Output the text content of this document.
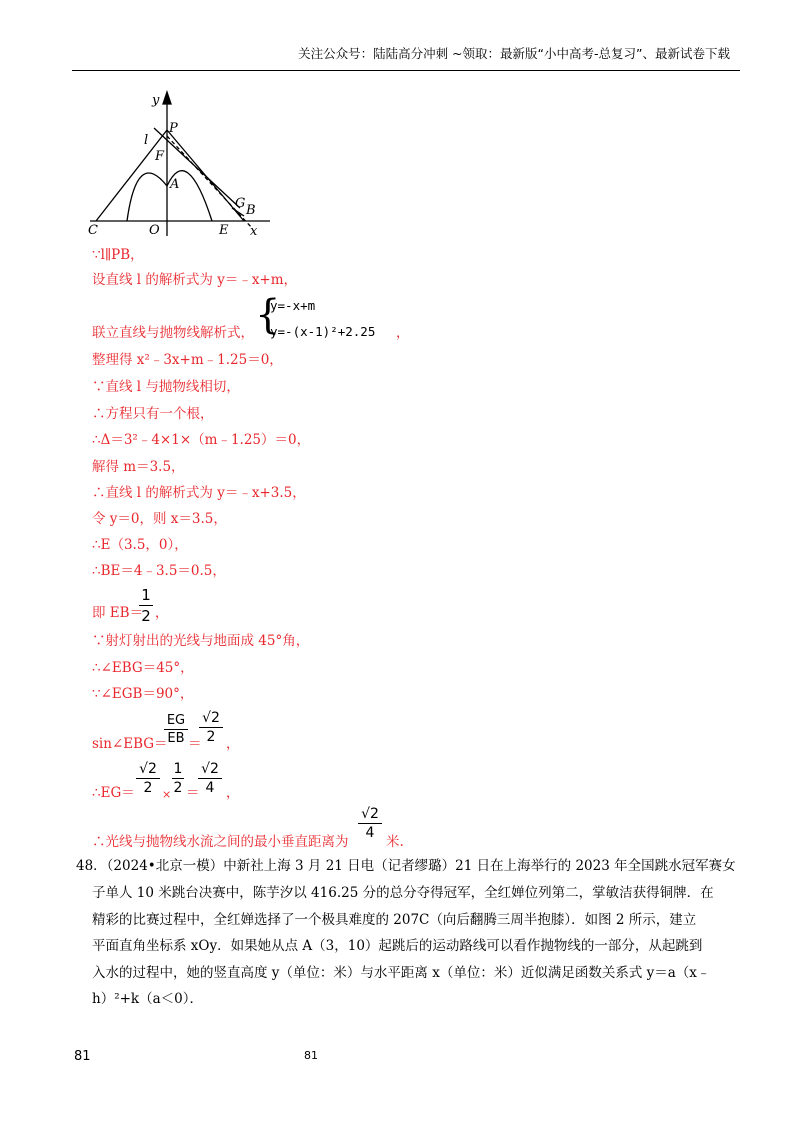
关注公众号：陆陆高分冲刺 ~领取：最新版“小中高考-总复习”、最新试卷下载
y
P
l
F
A
C	O	E
G B
x
∵l∥PB，
设直线 l 的解析式为 y＝﹣x+m，
联立直线与抛物线解析式， {
y=-x+m
y=-(x-1)²+2.25 ，
整理得 x²﹣3x+m﹣1.25＝0，
∵直线 l 与抛物线相切，
∴方程只有一个根，
∴Δ＝3²﹣4×1×（m﹣1.25）＝0，
解得 m＝3.5，
∴直线 l 的解析式为 y＝﹣x+3.5，
令 y＝0，则 x＝3.5，
∴E（3.5，0），
∴BE＝4﹣3.5＝0.5，
即 EB＝
1
2 ，
∵射灯射出的光线与地面成 45°角，
∴∠EBG＝45°，
∵∠EGB＝90°，
sin∠EBG＝
EG
EB ＝
√2
2 ，
∴EG＝
√2
2 ×
1
2 ＝
√2
4 ，
∴光线与抛物线水流之间的最小垂直距离为
√2
4
米.
48．（2024•北京一模）中新社上海 3 月 21 日电（记者缪璐）21 日在上海举行的 2023 年全国跳水冠军赛女
子单人 10 米跳台决赛中，陈芋汐以 416.25 分的总分夺得冠军，全红婵位列第二，掌敏洁获得铜牌．在
精彩的比赛过程中，全红婵选择了一个极具难度的 207C（向后翻腾三周半抱膝）．如图 2 所示，建立
平面直角坐标系 xOy．如果她从点 A（3，10）起跳后的运动路线可以看作抛物线的一部分，从起跳到
入水的过程中，她的竖直高度 y（单位：米）与水平距离 x（单位：米）近似满足函数关系式 y＝a（x﹣
h）²+k（a＜0）．
81	81
